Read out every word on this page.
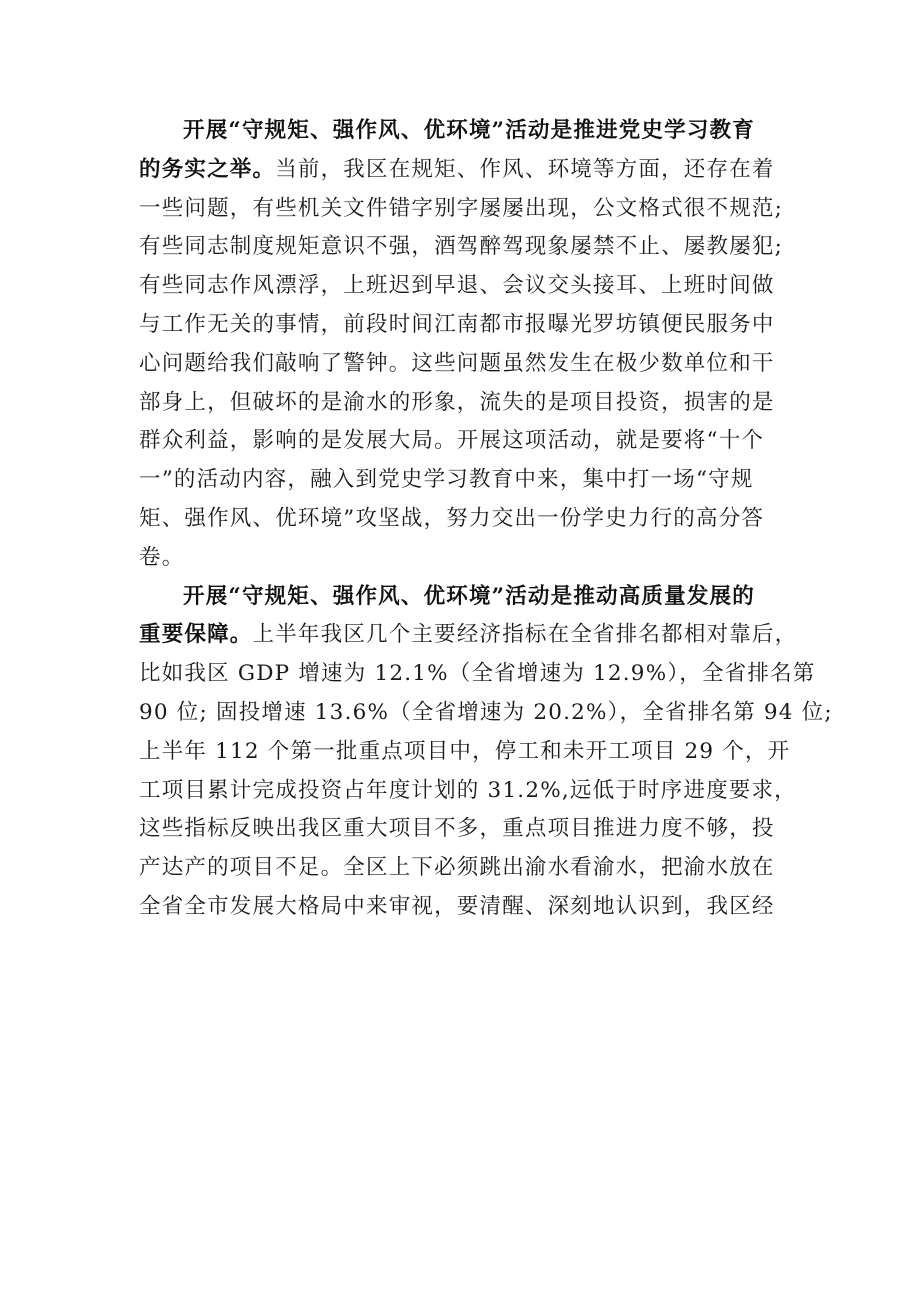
开展“守规矩、强作风、优环境”活动是推进党史学习教育
的务实之举。当前，我区在规矩、作风、环境等方面，还存在着
一些问题，有些机关文件错字别字屡屡出现，公文格式很不规范;
有些同志制度规矩意识不强，酒驾醉驾现象屡禁不止、屡教屡犯;
有些同志作风漂浮，上班迟到早退、会议交头接耳、上班时间做
与工作无关的事情，前段时间江南都市报曝光罗坊镇便民服务中
心问题给我们敲响了警钟。这些问题虽然发生在极少数单位和干
部身上，但破坏的是渝水的形象，流失的是项目投资，损害的是
群众利益，影响的是发展大局。开展这项活动，就是要将“十个
一”的活动内容，融入到党史学习教育中来，集中打一场“守规
矩、强作风、优环境”攻坚战，努力交出一份学史力行的高分答
卷。
开展“守规矩、强作风、优环境”活动是推动高质量发展的
重要保障。上半年我区几个主要经济指标在全省排名都相对靠后，
比如我区 GDP 增速为 12.1%（全省增速为 12.9%），全省排名第
90 位; 固投增速 13.6%（全省增速为 20.2%），全省排名第 94 位;
上半年 112 个第一批重点项目中，停工和未开工项目 29 个，开
工项目累计完成投资占年度计划的 31.2%,远低于时序进度要求，
这些指标反映出我区重大项目不多，重点项目推进力度不够，投
产达产的项目不足。全区上下必须跳出渝水看渝水，把渝水放在
全省全市发展大格局中来审视，要清醒、深刻地认识到，我区经
